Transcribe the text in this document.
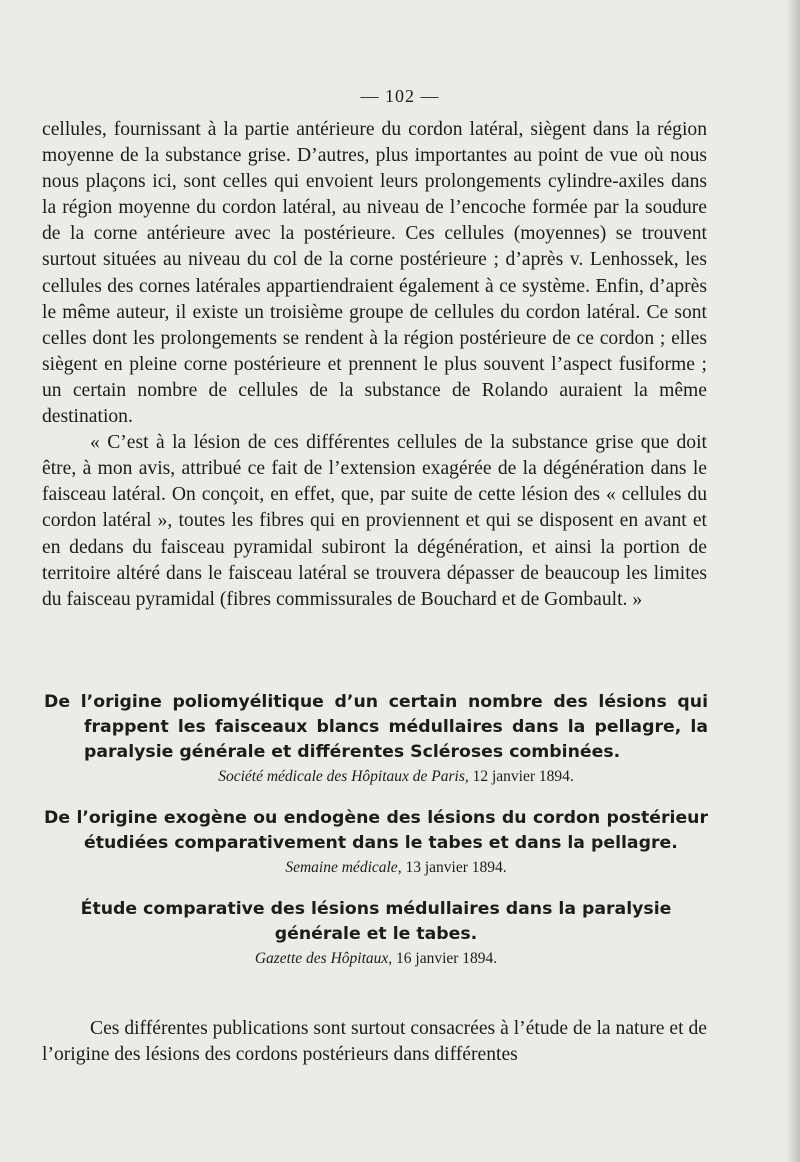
— 102 —

cellules, fournissant à la partie antérieure du cordon latéral, siègent dans la région moyenne de la substance grise. D’autres, plus importantes au point de vue où nous nous plaçons ici, sont celles qui envoient leurs prolongements cylindre-axiles dans la région moyenne du cordon latéral, au niveau de l’encoche formée par la soudure de la corne antérieure avec la postérieure. Ces cellules (moyennes) se trouvent surtout situées au niveau du col de la corne postérieure ; d’après v. Lenhossek, les cellules des cornes latérales appartiendraient également à ce système. Enfin, d’après le même auteur, il existe un troisième groupe de cellules du cordon latéral. Ce sont celles dont les prolongements se rendent à la région postérieure de ce cordon ; elles siègent en pleine corne postérieure et prennent le plus souvent l’aspect fusiforme ; un certain nombre de cellules de la substance de Rolando auraient la même destination.

« C’est à la lésion de ces différentes cellules de la substance grise que doit être, à mon avis, attribué ce fait de l’extension exagérée de la dégénération dans le faisceau latéral. On conçoit, en effet, que, par suite de cette lésion des « cellules du cordon latéral », toutes les fibres qui en proviennent et qui se disposent en avant et en dedans du faisceau pyramidal subiront la dégénération, et ainsi la portion de territoire altéré dans le faisceau latéral se trouvera dépasser de beaucoup les limites du faisceau pyramidal (fibres commissurales de Bouchard et de Gombault. »

De l’origine poliomyélitique d’un certain nombre des lésions qui frappent les faisceaux blancs médullaires dans la pellagre, la paralysie générale et différentes Scléroses combinées.

Société médicale des Hôpitaux de Paris, 12 janvier 1894.

De l’origine exogène ou endogène des lésions du cordon postérieur étudiées comparativement dans le tabes et dans la pellagre.

Semaine médicale, 13 janvier 1894.

Étude comparative des lésions médullaires dans la paralysie générale et le tabes.

Gazette des Hôpitaux, 16 janvier 1894.

Ces différentes publications sont surtout consacrées à l’étude de la nature et de l’origine des lésions des cordons postérieurs dans différentes
